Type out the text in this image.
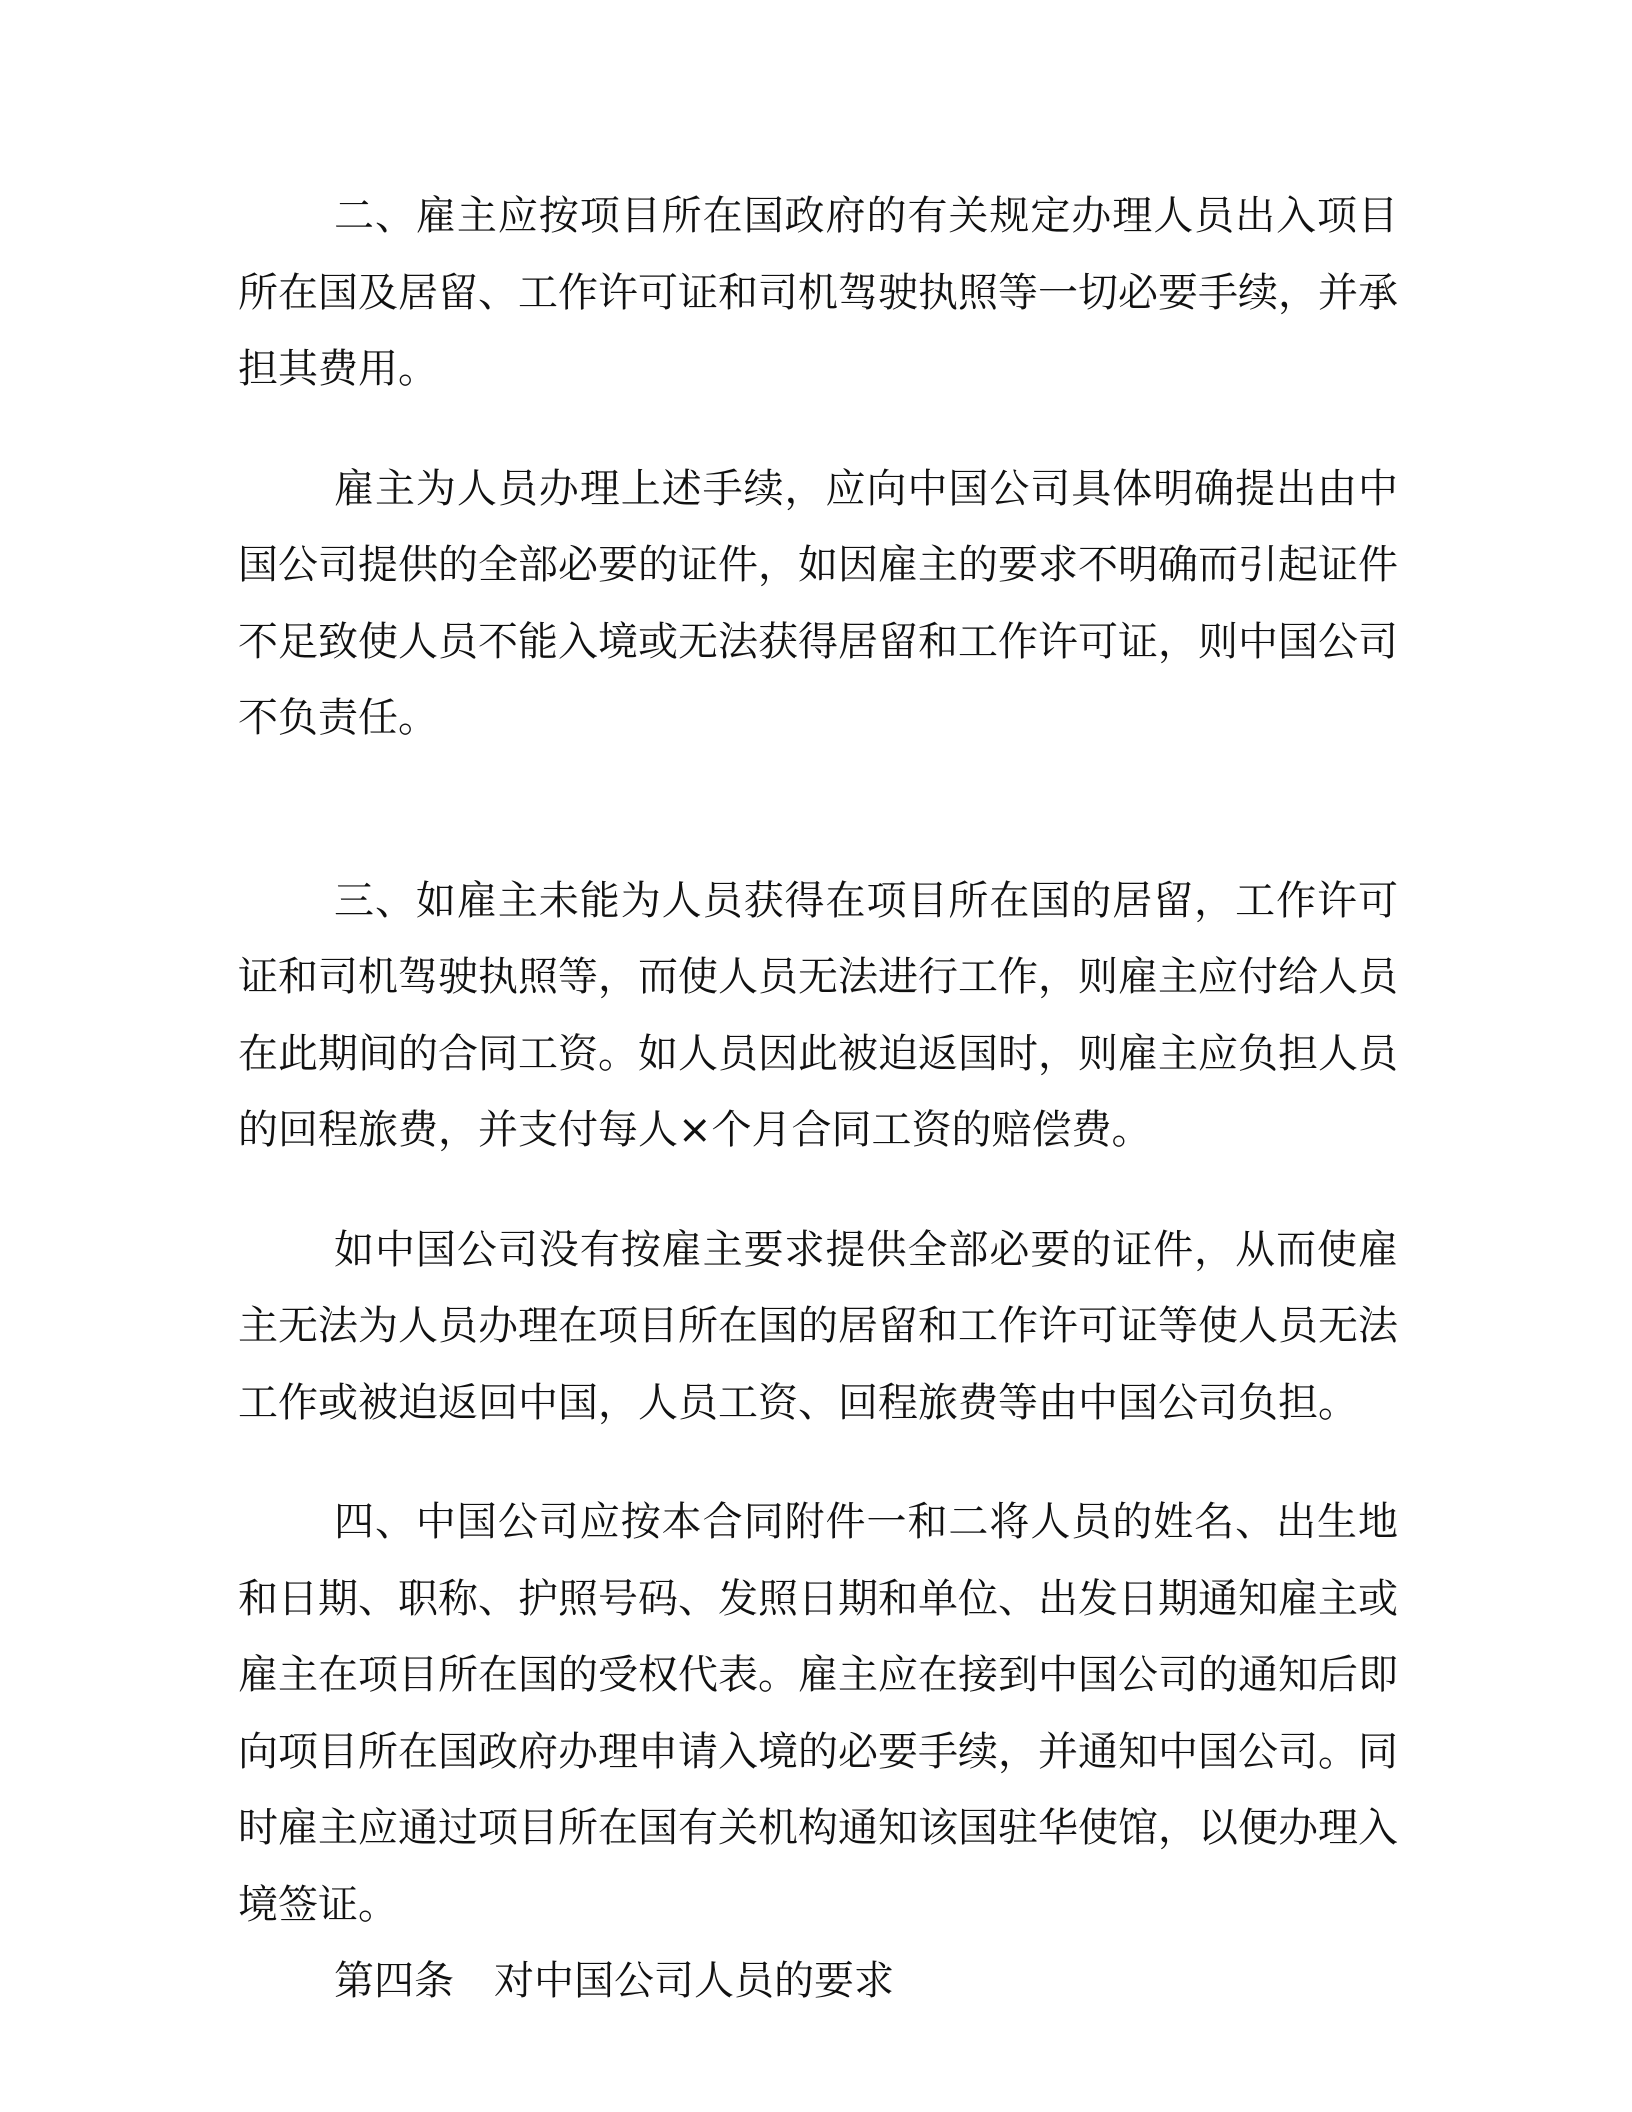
二、雇主应按项目所在国政府的有关规定办理人员出入项目所在国及居留、工作许可证和司机驾驶执照等一切必要手续，并承担其费用。

雇主为人员办理上述手续，应向中国公司具体明确提出由中国公司提供的全部必要的证件，如因雇主的要求不明确而引起证件不足致使人员不能入境或无法获得居留和工作许可证，则中国公司不负责任。

三、如雇主未能为人员获得在项目所在国的居留，工作许可证和司机驾驶执照等，而使人员无法进行工作，则雇主应付给人员在此期间的合同工资。如人员因此被迫返国时，则雇主应负担人员的回程旅费，并支付每人×个月合同工资的赔偿费。

如中国公司没有按雇主要求提供全部必要的证件，从而使雇主无法为人员办理在项目所在国的居留和工作许可证等使人员无法工作或被迫返回中国，人员工资、回程旅费等由中国公司负担。

四、中国公司应按本合同附件一和二将人员的姓名、出生地和日期、职称、护照号码、发照日期和单位、出发日期通知雇主或雇主在项目所在国的受权代表。雇主应在接到中国公司的通知后即向项目所在国政府办理申请入境的必要手续，并通知中国公司。同时雇主应通过项目所在国有关机构通知该国驻华使馆，以便办理入境签证。

第四条　对中国公司人员的要求
